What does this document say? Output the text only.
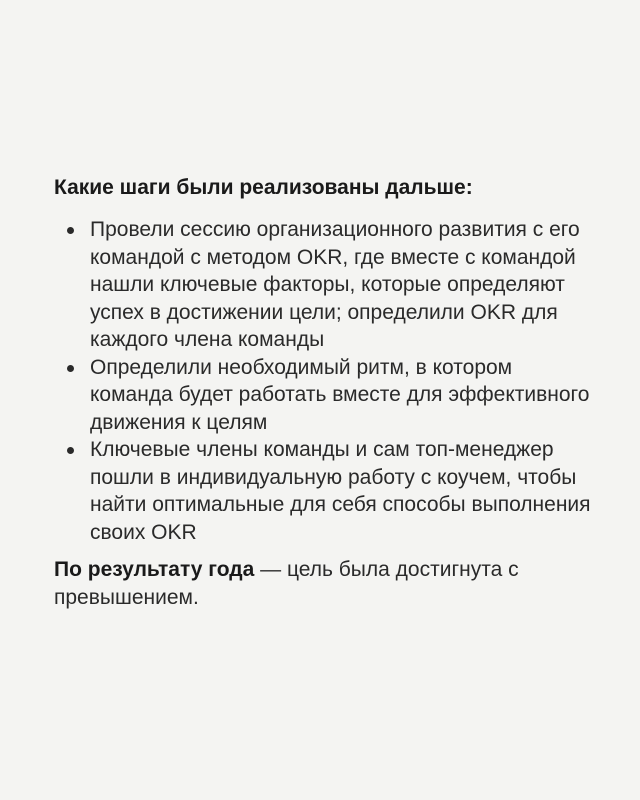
Какие шаги были реализованы дальше:

Провели сессию организационного развития с его командой с методом OKR, где вместе с командой нашли ключевые факторы, которые определяют успех в достижении цели; определили OKR для каждого члена команды
Определили необходимый ритм, в котором команда будет работать вместе для эффективного движения к целям
Ключевые члены команды и сам топ-менеджер пошли в индивидуальную работу с коучем, чтобы найти оптимальные для себя способы выполнения своих OKR

По результату года — цель была достигнута с превышением.
